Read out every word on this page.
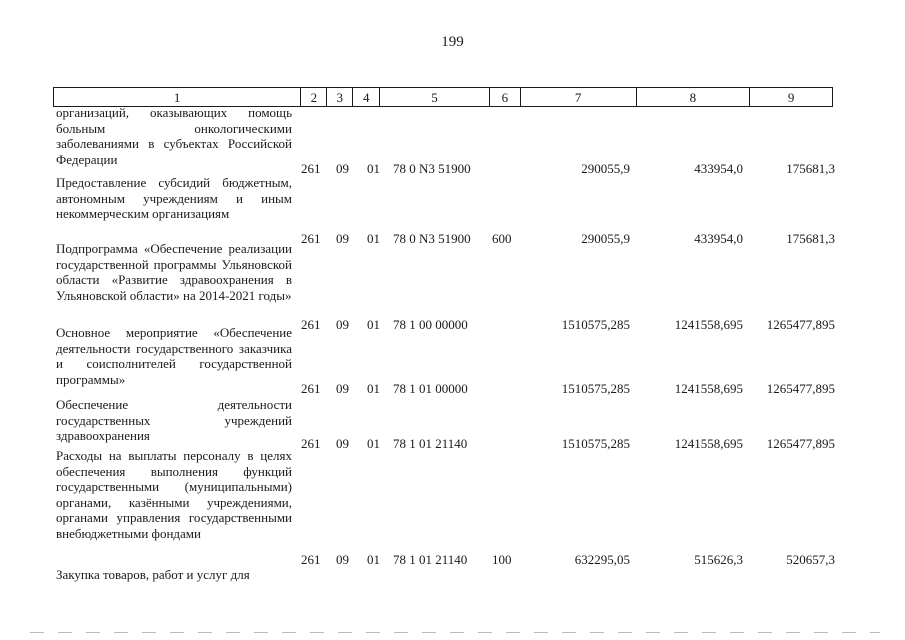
199
1	2	3	4	5	6	7	8	9
организаций, оказывающих помощь больным онкологическими заболеваниями в субъектах Российской Федерации
261 09 01 78 0 N3 51900	290055,9	433954,0	175681,3
Предоставление субсидий бюджетным, автономным учреждениям и иным некоммерческим организациям
261 09 01 78 0 N3 51900 600	290055,9	433954,0	175681,3
Подпрограмма «Обеспечение реализации государственной программы Ульяновской области «Развитие здравоохранения в Ульяновской области» на 2014-2021 годы»
261 09 01 78 1 00 00000	1510575,285	1241558,695 1265477,895
Основное мероприятие «Обеспечение деятельности государственного заказчика и соисполнителей государственной программы»
261 09 01 78 1 01 00000	1510575,285	1241558,695 1265477,895
Обеспечение деятельности государственных учреждений здравоохранения
261 09 01 78 1 01 21140	1510575,285	1241558,695 1265477,895
Расходы на выплаты персоналу в целях обеспечения выполнения функций государственными (муниципальными) органами, казёнными учреждениями, органами управления государственными внебюджетными фондами
261 09 01 78 1 01 21140 100	632295,05	515626,3	520657,3
Закупка товаров, работ и услуг для
